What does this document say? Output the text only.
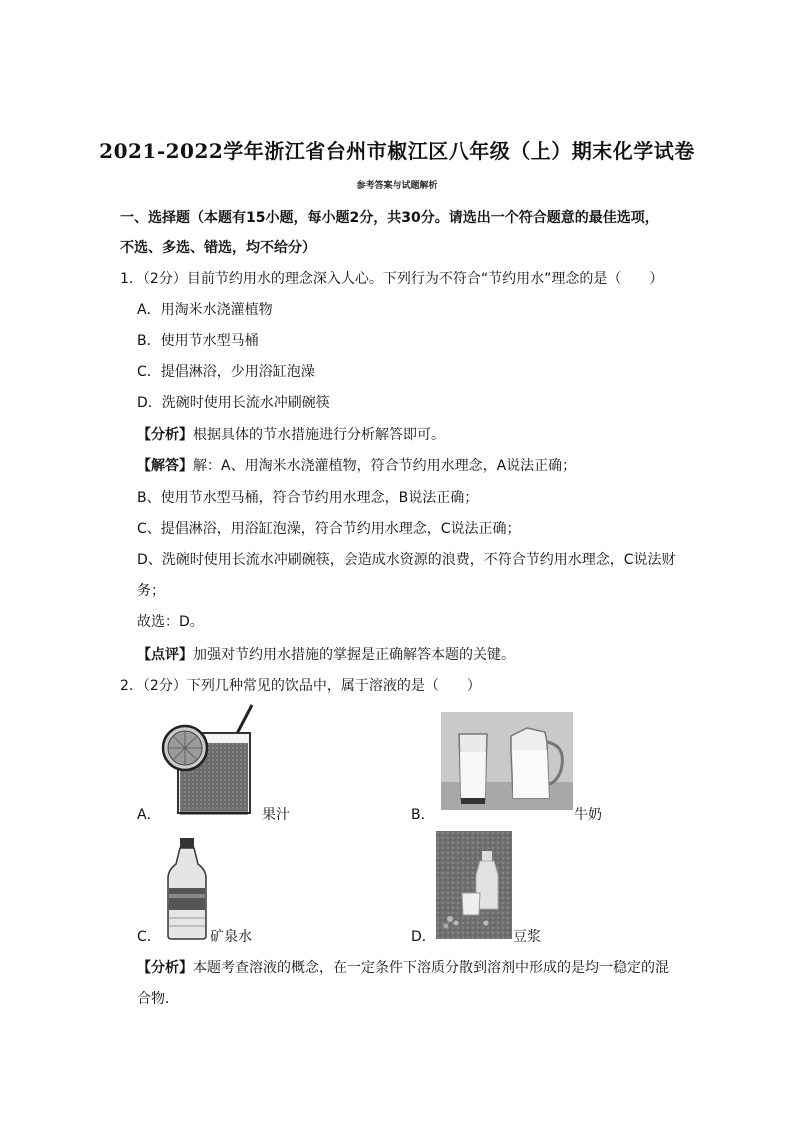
2021-2022学年浙江省台州市椒江区八年级（上）期末化学试卷
参考答案与试题解析
一、选择题（本题有15小题，每小题2分，共30分。请选出一个符合题意的最佳选项，
不选、多选、错选，均不给分）
1．（2分）目前节约用水的理念深入人心。下列行为不符合“节约用水”理念的是（　　）
A．用淘米水浇灌植物
B．使用节水型马桶
C．提倡淋浴，少用浴缸泡澡
D．洗碗时使用长流水冲刷碗筷
【分析】根据具体的节水措施进行分析解答即可。
【解答】解：A、用淘米水浇灌植物，符合节约用水理念，A说法正确；
B、使用节水型马桶，符合节约用水理念，B说法正确；
C、提倡淋浴，用浴缸泡澡，符合节约用水理念，C说法正确；
D、洗碗时使用长流水冲刷碗筷，会造成水资源的浪费，不符合节约用水理念，C说法财
务；
故选：D。
【点评】加强对节约用水措施的掌握是正确解答本题的关键。
2．（2分）下列几种常见的饮品中，属于溶液的是（　　）
A．	果汁	B．	牛奶
C．	矿泉水	D．	豆浆
【分析】本题考查溶液的概念，在一定条件下溶质分散到溶剂中形成的是均一稳定的混
合物．
